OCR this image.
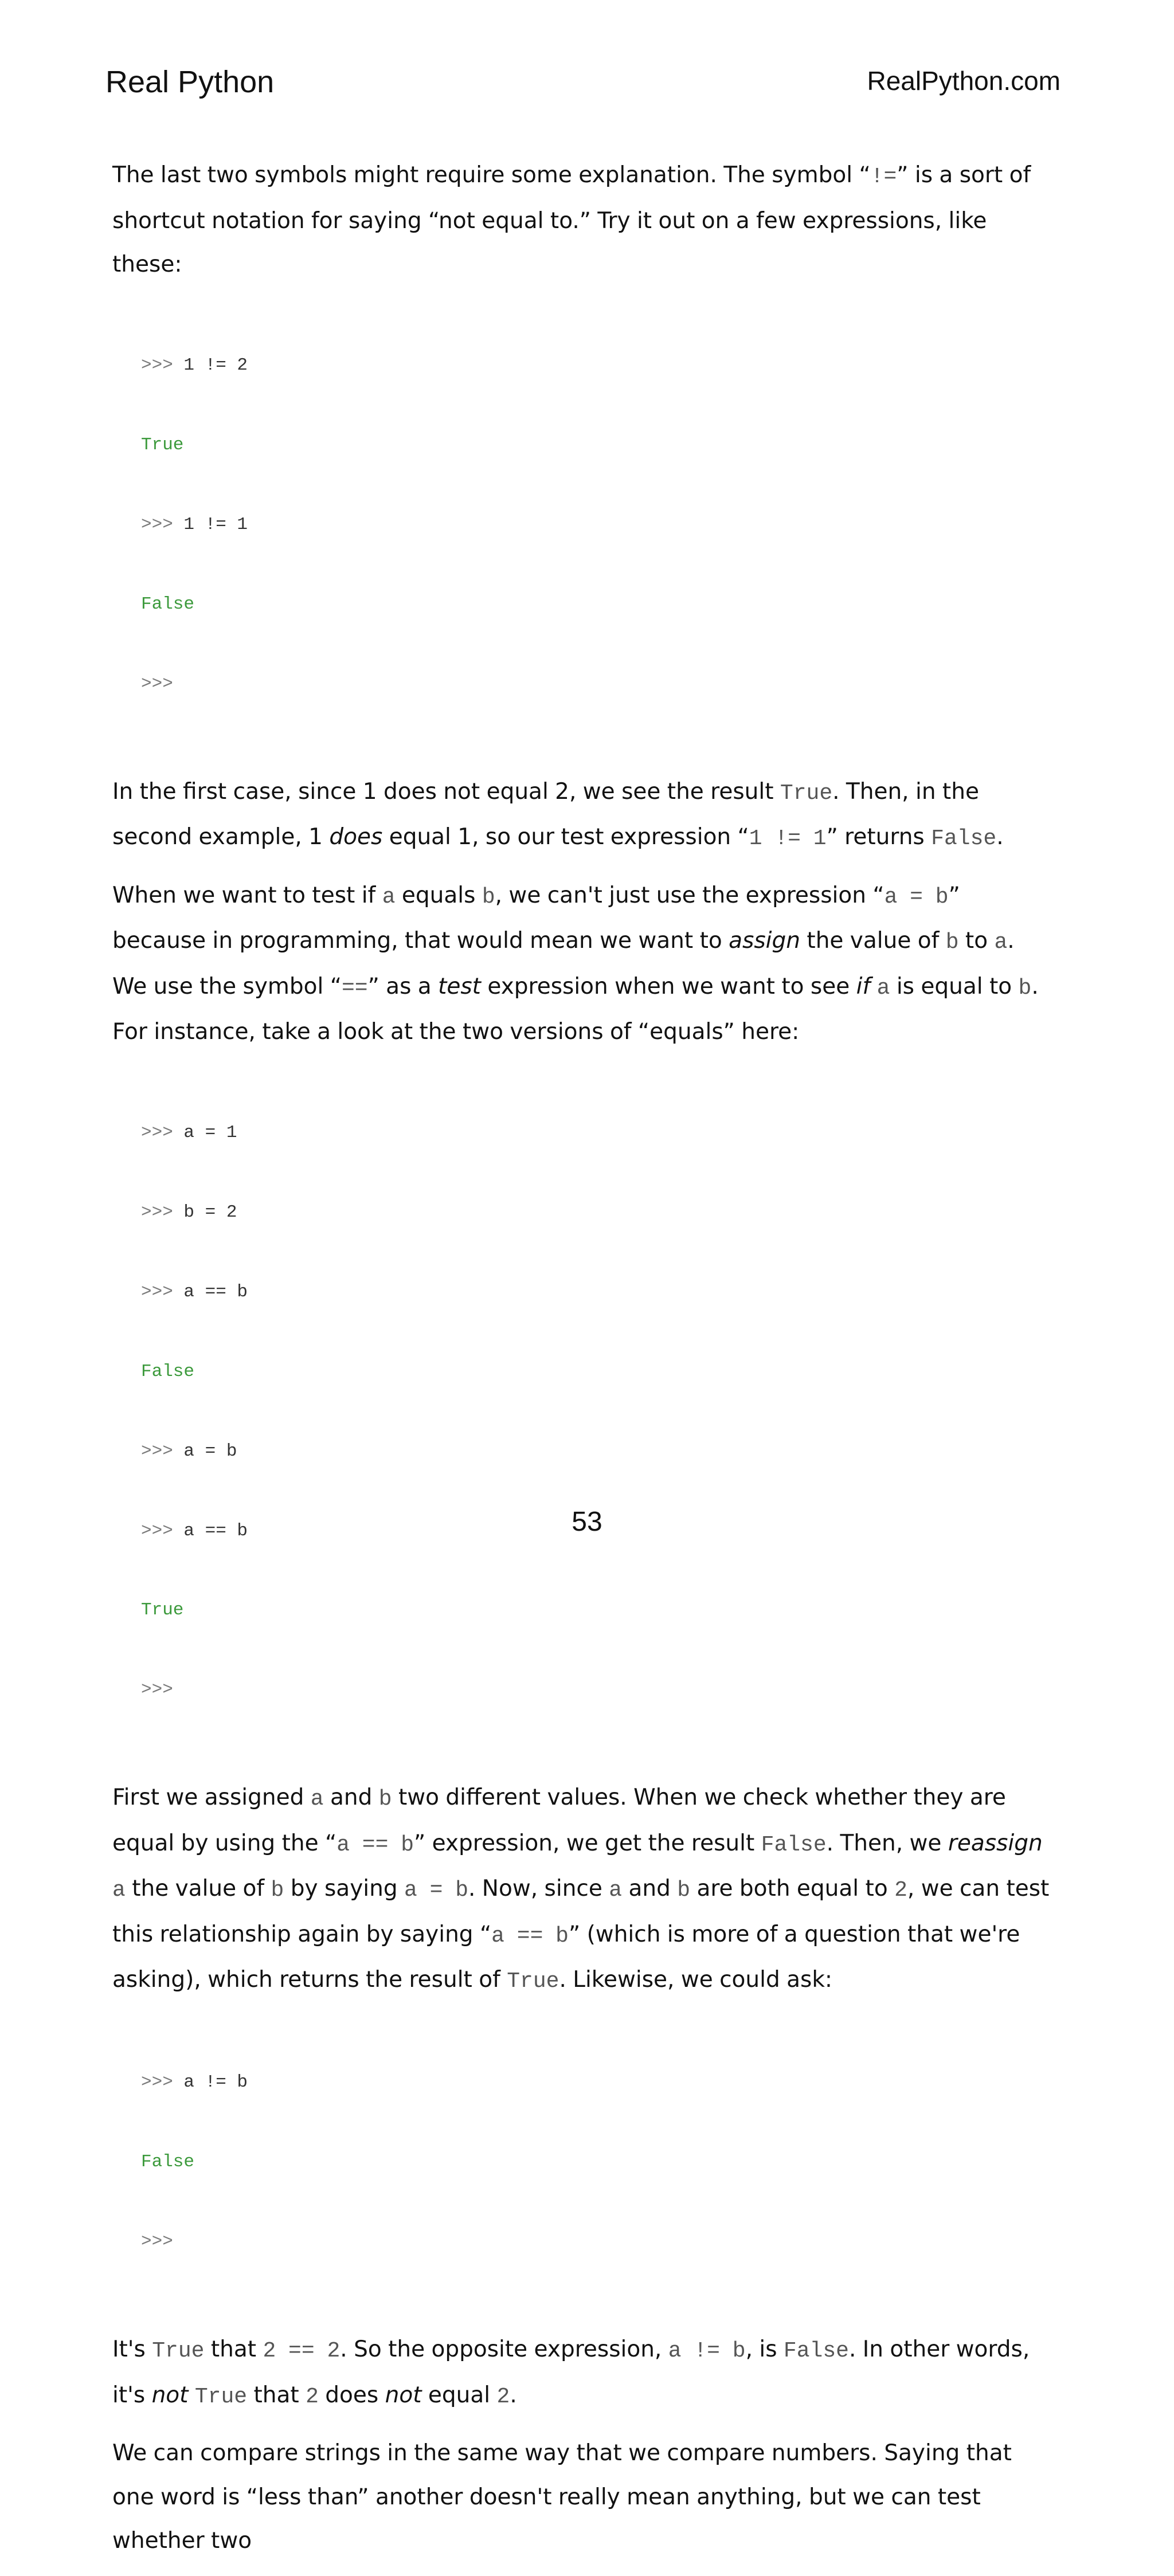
Real Python	RealPython.com

The last two symbols might require some explanation. The symbol “!=” is a sort of shortcut notation for saying “not equal to.” Try it out on a few expressions, like these:

>>> 1 != 2

True

>>> 1 != 1

False

>>>

In the first case, since 1 does not equal 2, we see the result True. Then, in the second example, 1 does equal 1, so our test expression “1 != 1” returns False.

When we want to test if a equals b, we can't just use the expression “a = b” because in programming, that would mean we want to assign the value of b to a. We use the symbol “==” as a test expression when we want to see if a is equal to b. For instance, take a look at the two versions of “equals” here:

>>> a = 1

>>> b = 2

>>> a == b

False

>>> a = b

>>> a == b

True

>>>

First we assigned a and b two different values. When we check whether they are equal by using the “a == b” expression, we get the result False. Then, we reassign a the value of b by saying a = b. Now, since a and b are both equal to 2, we can test this relationship again by saying “a == b” (which is more of a question that we're asking), which returns the result of True. Likewise, we could ask:

>>> a != b

False

>>>

It's True that 2 == 2. So the opposite expression, a != b, is False. In other words, it's not True that 2 does not equal 2.

We can compare strings in the same way that we compare numbers. Saying that one word is “less than” another doesn't really mean anything, but we can test whether two

53
